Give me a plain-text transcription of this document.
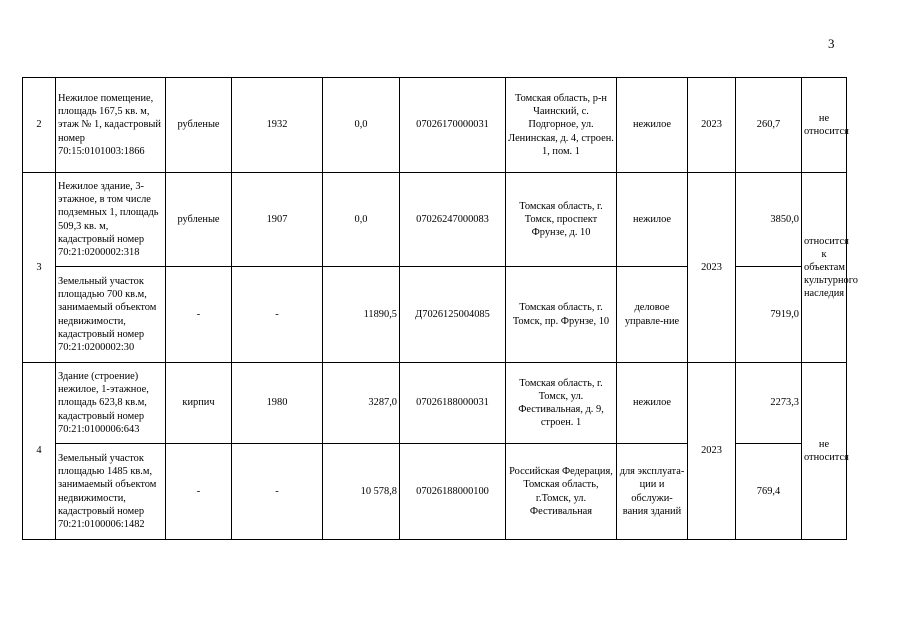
3
2	Нежилое помещение, площадь 167,5 кв. м, этаж № 1, кадастровый номер 70:15:0101003:1866	рубленые	1932	0,0	07026170000031	Томская область, р-н Чаинский, с. Подгорное, ул. Ленинская, д. 4, строен. 1, пом. 1	нежилое	2023	260,7	не относится
3	Нежилое здание, 3-этажное, в том числе подземных 1, площадь 509,3 кв. м, кадастровый номер 70:21:0200002:318	рубленые	1907	0,0	07026247000083	Томская область, г. Томск, проспект Фрунзе, д. 10	нежилое	2023	3850,0	относится к объектам культурного наследия
	Земельный участок площадью 700 кв.м, занимаемый объектом недвижимости, кадастровый номер 70:21:0200002:30	-	-	11890,5	Д7026125004085	Томская область, г. Томск, пр. Фрунзе, 10	деловое управле-ние		7919,0	
4	Здание (строение) нежилое, 1-этажное, площадь 623,8 кв.м, кадастровый номер 70:21:0100006:643	кирпич	1980	3287,0	07026188000031	Томская область, г. Томск, ул. Фестивальная, д. 9, строен. 1	нежилое	2023	2273,3	не относится
	Земельный участок площадью 1485 кв.м, занимаемый объектом недвижимости, кадастровый номер 70:21:0100006:1482	-	-	10 578,8	07026188000100	Российская Федерация, Томская область, г.Томск, ул. Фестивальная	для эксплуата-ции и обслужи-вания зданий		769,4	
